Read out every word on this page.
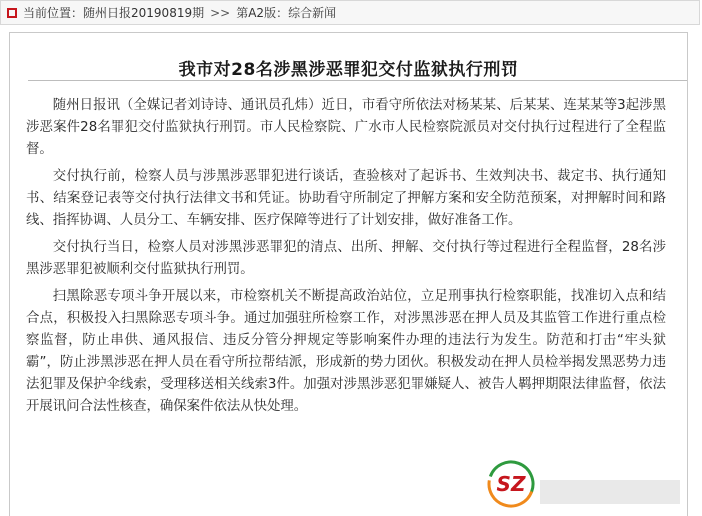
当前位置： 随州日报20190819期 >> 第A2版：综合新闻
我市对28名涉黑涉恶罪犯交付监狱执行刑罚

随州日报讯（全媒记者刘诗诗、通讯员孔炜）近日，市看守所依法对杨某某、后某某、连某某等3起涉黑涉恶案件28名罪犯交付监狱执行刑罚。市人民检察院、广水市人民检察院派员对交付执行过程进行了全程监督。

交付执行前，检察人员与涉黑涉恶罪犯进行谈话，查验核对了起诉书、生效判决书、裁定书、执行通知书、结案登记表等交付执行法律文书和凭证。协助看守所制定了押解方案和安全防范预案，对押解时间和路线、指挥协调、人员分工、车辆安排、医疗保障等进行了计划安排，做好准备工作。

交付执行当日，检察人员对涉黑涉恶罪犯的清点、出所、押解、交付执行等过程进行全程监督，28名涉黑涉恶罪犯被顺利交付监狱执行刑罚。

扫黑除恶专项斗争开展以来，市检察机关不断提高政治站位，立足刑事执行检察职能，找准切入点和结合点，积极投入扫黑除恶专项斗争。通过加强驻所检察工作，对涉黑涉恶在押人员及其监管工作进行重点检察监督，防止串供、通风报信、违反分管分押规定等影响案件办理的违法行为发生。防范和打击“牢头狱霸”，防止涉黑涉恶在押人员在看守所拉帮结派，形成新的势力团伙。积极发动在押人员检举揭发黑恶势力违法犯罪及保护伞线索，受理移送相关线索3件。加强对涉黑涉恶犯罪嫌疑人、被告人羁押期限法律监督，依法开展讯问合法性核查，确保案件依法从快处理。

SZ
